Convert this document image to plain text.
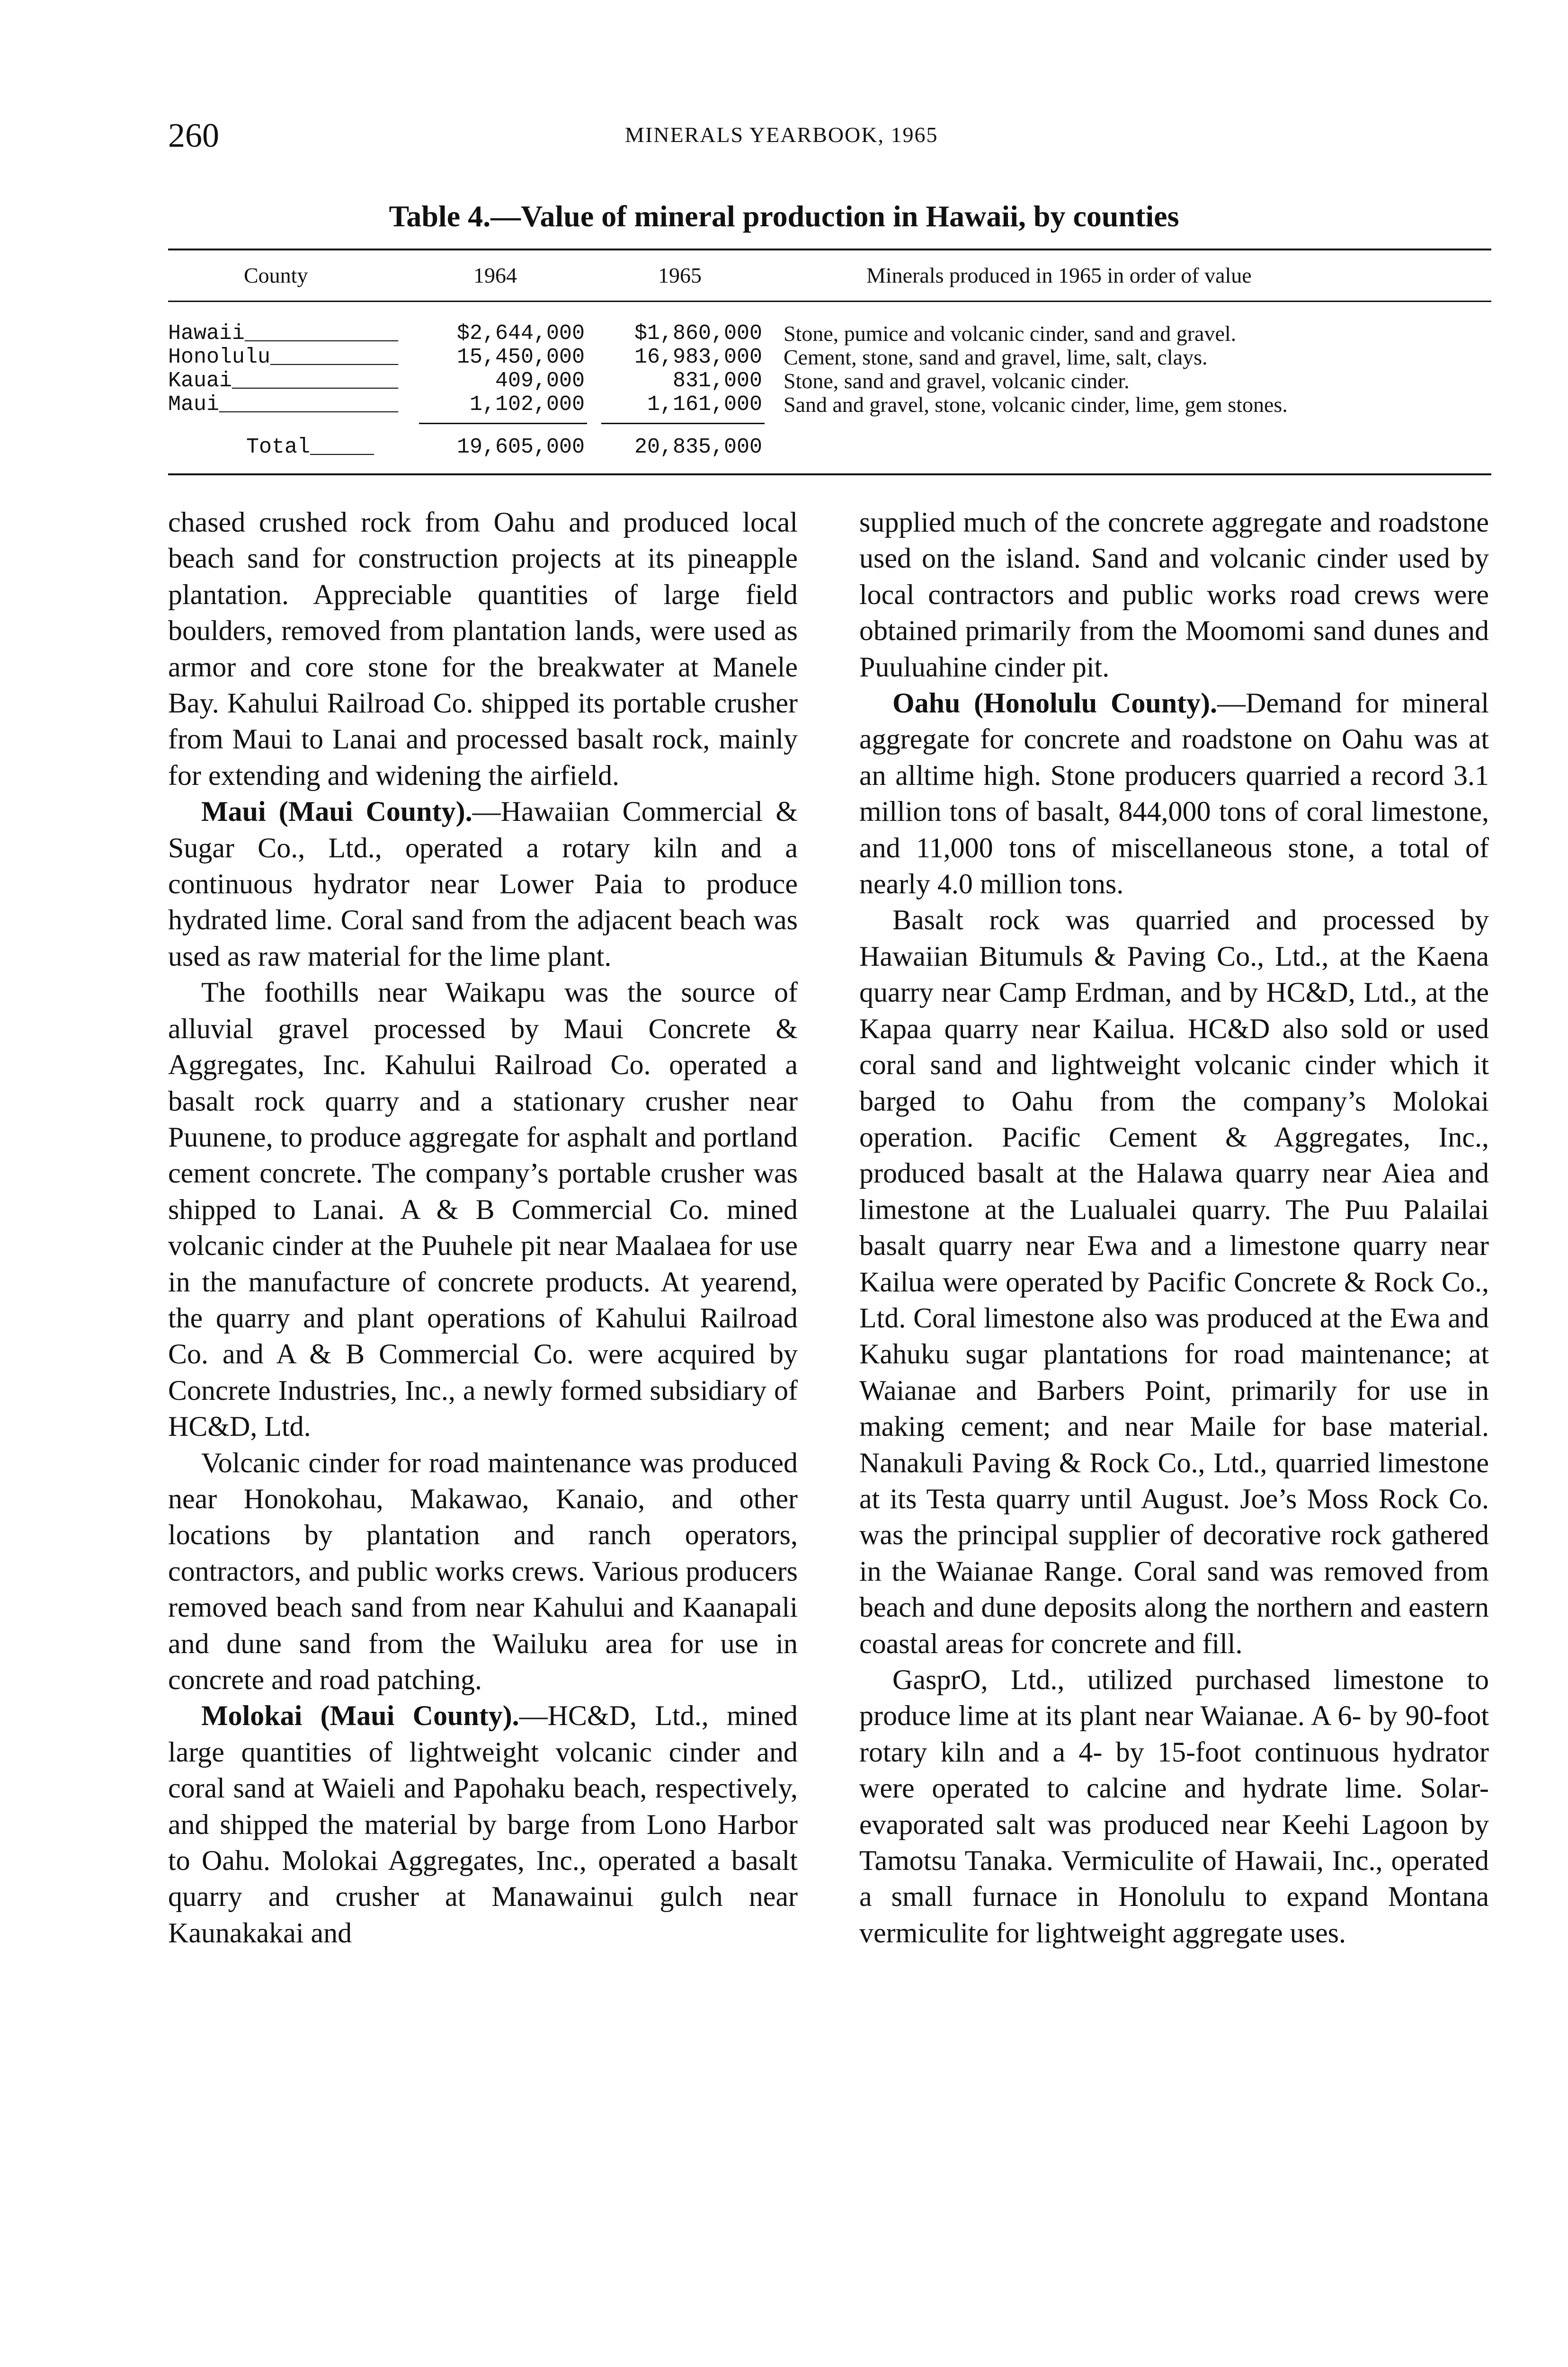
260	MINERALS YEARBOOK, 1965
Table 4.—Value of mineral production in Hawaii, by counties
County	1964	1965	Minerals produced in 1965 in order of value
Hawaii____________	$2,644,000	$1,860,000 Stone, pumice and volcanic cinder, sand and gravel.
Honolulu__________	15,450,000	16,983,000 Cement, stone, sand and gravel, lime, salt, clays.
Kauai_____________	409,000	831,000 Stone, sand and gravel, volcanic cinder.
Maui______________	1,102,000	1,161,000 Sand and gravel, stone, volcanic cinder, lime, gem stones.
Total_____	19,605,000	20,835,000

chased crushed rock from Oahu and produced local beach sand for construction projects at its pineapple plantation. Appreciable quantities of large field boulders, removed from plantation lands, were used as armor and core stone for the breakwater at Manele Bay. Kahului Railroad Co. shipped its portable crusher from Maui to Lanai and processed basalt rock, mainly for extending and widening the airfield.

Maui (Maui County).—Hawaiian Commercial & Sugar Co., Ltd., operated a rotary kiln and a continuous hydrator near Lower Paia to produce hydrated lime. Coral sand from the adjacent beach was used as raw material for the lime plant.

The foothills near Waikapu was the source of alluvial gravel processed by Maui Concrete & Aggregates, Inc. Kahului Railroad Co. operated a basalt rock quarry and a stationary crusher near Puunene, to produce aggregate for asphalt and portland cement concrete. The company’s portable crusher was shipped to Lanai. A & B Commercial Co. mined volcanic cinder at the Puuhele pit near Maalaea for use in the manufacture of concrete products. At yearend, the quarry and plant operations of Kahului Railroad Co. and A & B Commercial Co. were acquired by Concrete Industries, Inc., a newly formed subsidiary of HC&D, Ltd.

Volcanic cinder for road maintenance was produced near Honokohau, Makawao, Kanaio, and other locations by plantation and ranch operators, contractors, and public works crews. Various producers removed beach sand from near Kahului and Kaanapali and dune sand from the Wailuku area for use in concrete and road patching.

Molokai (Maui County).—HC&D, Ltd., mined large quantities of lightweight volcanic cinder and coral sand at Waieli and Papohaku beach, respectively, and shipped the material by barge from Lono Harbor to Oahu. Molokai Aggregates, Inc., operated a basalt quarry and crusher at Manawainui gulch near Kaunakakai and

supplied much of the concrete aggregate and roadstone used on the island. Sand and volcanic cinder used by local contractors and public works road crews were obtained primarily from the Moomomi sand dunes and Puuluahine cinder pit.

Oahu (Honolulu County).—Demand for mineral aggregate for concrete and roadstone on Oahu was at an alltime high. Stone producers quarried a record 3.1 million tons of basalt, 844,000 tons of coral limestone, and 11,000 tons of miscellaneous stone, a total of nearly 4.0 million tons.

Basalt rock was quarried and processed by Hawaiian Bitumuls & Paving Co., Ltd., at the Kaena quarry near Camp Erdman, and by HC&D, Ltd., at the Kapaa quarry near Kailua. HC&D also sold or used coral sand and lightweight volcanic cinder which it barged to Oahu from the company’s Molokai operation. Pacific Cement & Aggregates, Inc., produced basalt at the Halawa quarry near Aiea and limestone at the Lualualei quarry. The Puu Palailai basalt quarry near Ewa and a limestone quarry near Kailua were operated by Pacific Concrete & Rock Co., Ltd. Coral limestone also was produced at the Ewa and Kahuku sugar plantations for road maintenance; at Waianae and Barbers Point, primarily for use in making cement; and near Maile for base material. Nanakuli Paving & Rock Co., Ltd., quarried limestone at its Testa quarry until August. Joe’s Moss Rock Co. was the principal supplier of decorative rock gathered in the Waianae Range. Coral sand was removed from beach and dune deposits along the northern and eastern coastal areas for concrete and fill.

GasprO, Ltd., utilized purchased limestone to produce lime at its plant near Waianae. A 6- by 90-foot rotary kiln and a 4- by 15-foot continuous hydrator were operated to calcine and hydrate lime. Solar-evaporated salt was produced near Keehi Lagoon by Tamotsu Tanaka. Vermiculite of Hawaii, Inc., operated a small furnace in Honolulu to expand Montana vermiculite for lightweight aggregate uses.
